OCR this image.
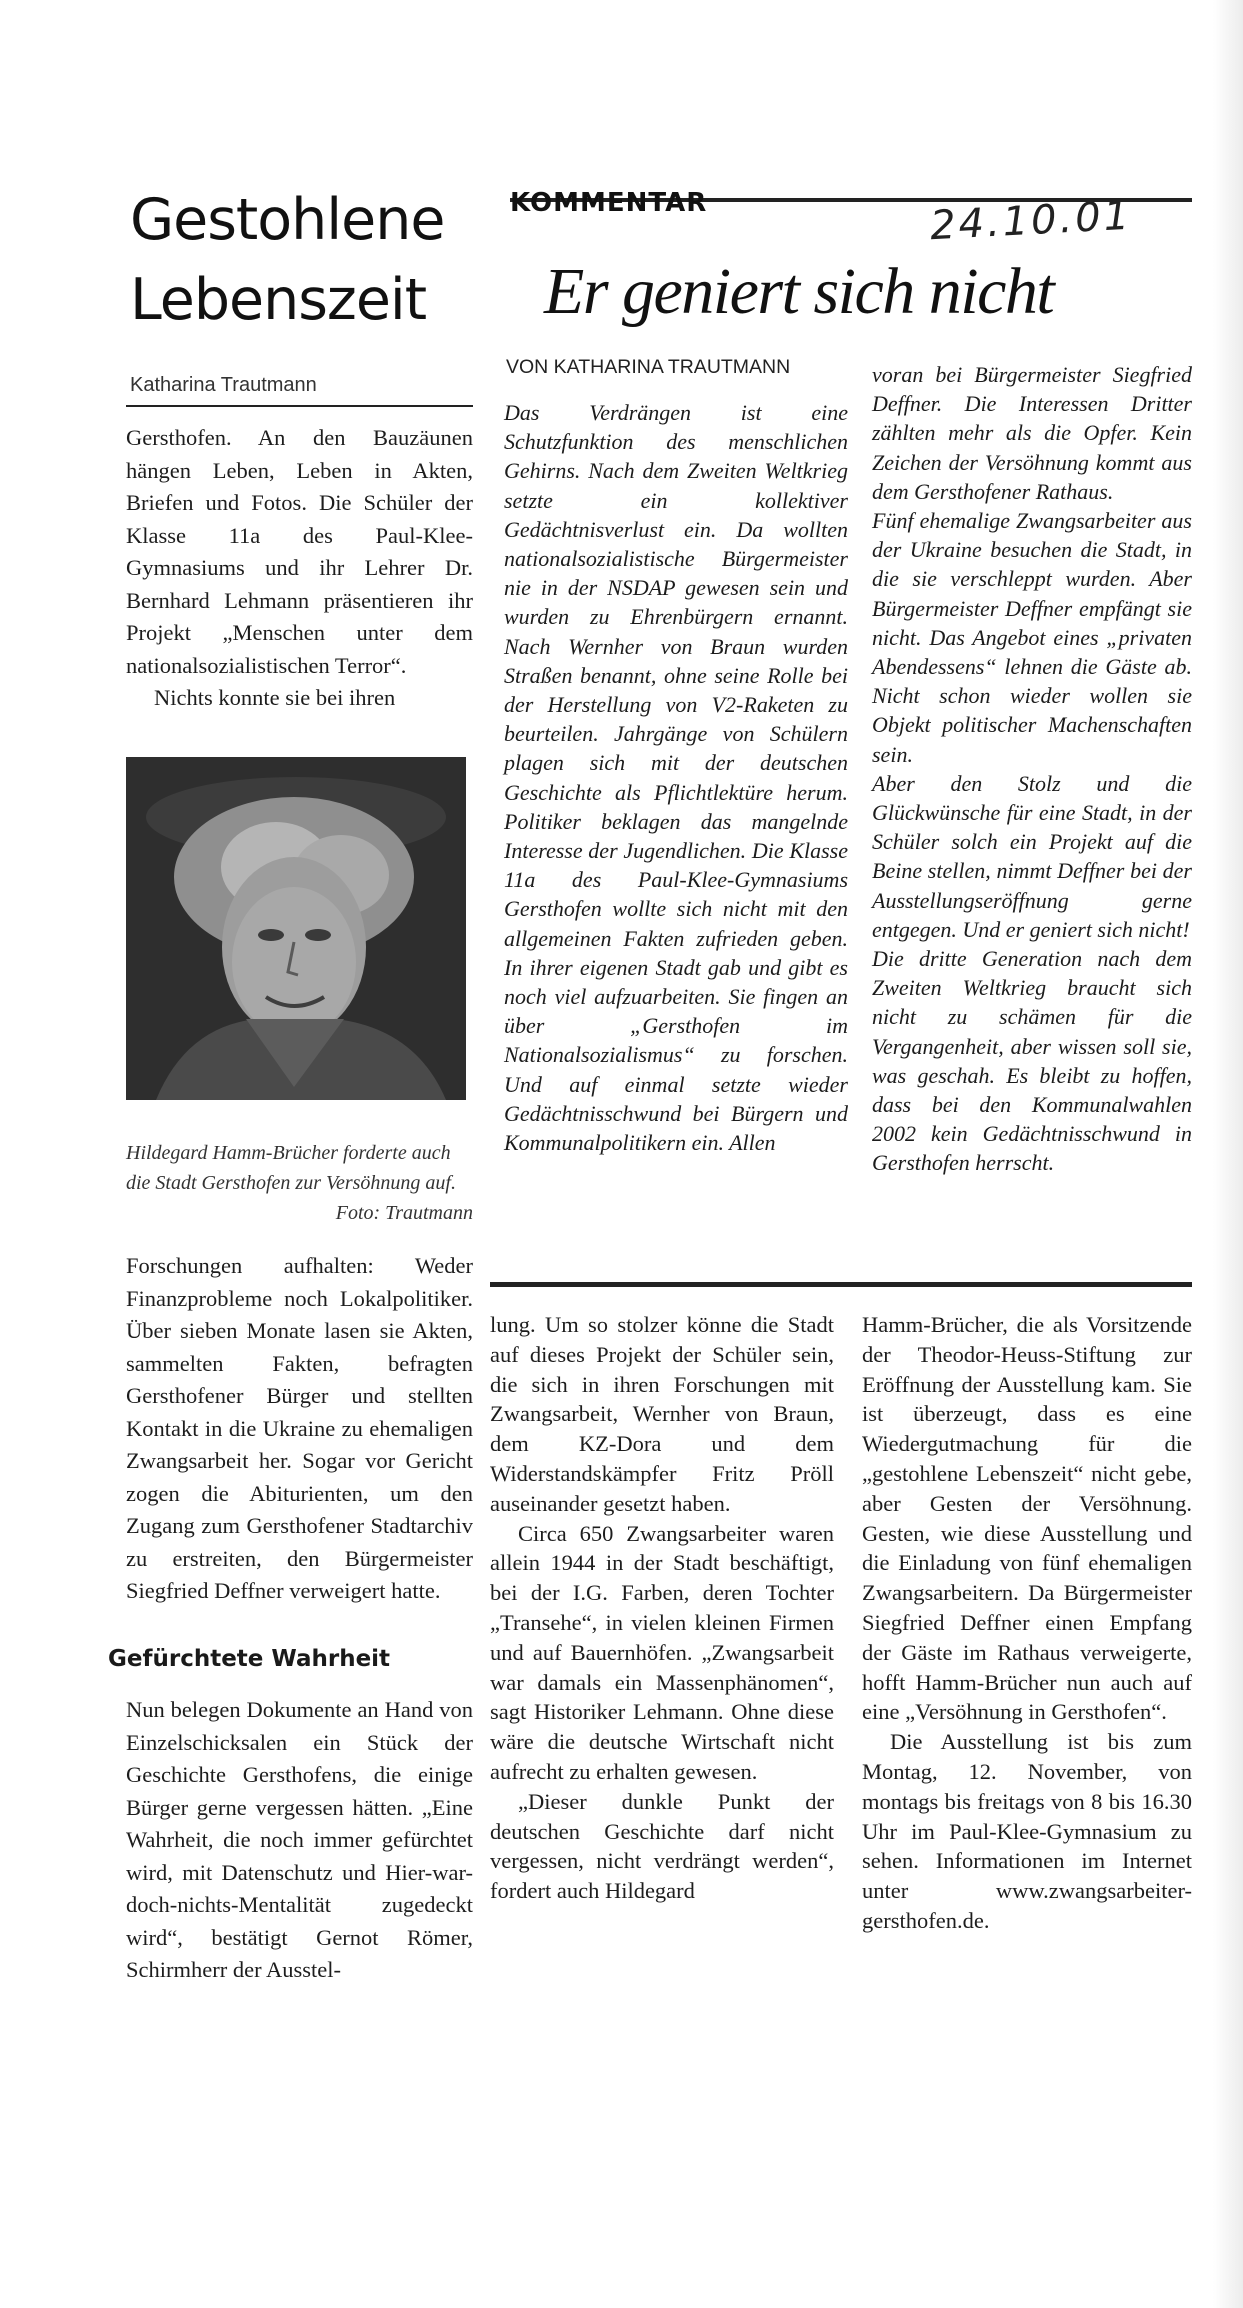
Gestohlene
Lebenszeit
Katharina Trautmann

Gersthofen. An den Bauzäunen hängen Leben, Leben in Akten, Briefen und Fotos. Die Schüler der Klasse 11a des Paul-Klee-Gymnasiums und ihr Lehrer Dr. Bernhard Lehmann präsentieren ihr Projekt „Menschen unter dem nationalsozialistischen Terror“.

Nichts konnte sie bei ihren

Hildegard Hamm-Brücher forderte auch die Stadt Gersthofen zur Versöhnung auf.
Foto: Trautmann
Forschungen aufhalten: Weder Finanzprobleme noch Lokalpolitiker. Über sieben Monate lasen sie Akten, sammelten Fakten, befragten Gersthofener Bürger und stellten Kontakt in die Ukraine zu ehemaligen Zwangsarbeit her. Sogar vor Gericht zogen die Abiturienten, um den Zugang zum Gersthofener Stadtarchiv zu erstreiten, den Bürgermeister Siegfried Deffner verweigert hatte.
Gefürchtete Wahrheit
Nun belegen Dokumente an Hand von Einzelschicksalen ein Stück der Geschichte Gersthofens, die einige Bürger gerne vergessen hätten. „Eine Wahrheit, die noch immer gefürchtet wird, mit Datenschutz und Hier-war-doch-nichts-Mentalität zugedeckt wird“, bestätigt Gernot Römer, Schirmherr der Ausstel-
KOMMENTAR	24.10.01
Er geniert sich nicht
VON KATHARINA TRAUTMANN
Das Verdrängen ist eine Schutzfunktion des menschlichen Gehirns. Nach dem Zweiten Weltkrieg setzte ein kollektiver Gedächtnisverlust ein. Da wollten nationalsozialistische Bürgermeister nie in der NSDAP gewesen sein und wurden zu Ehrenbürgern ernannt. Nach Wernher von Braun wurden Straßen benannt, ohne seine Rolle bei der Herstellung von V2-Raketen zu beurteilen. Jahrgänge von Schülern plagen sich mit der deutschen Geschichte als Pflichtlektüre herum. Politiker beklagen das mangelnde Interesse der Jugendlichen. Die Klasse 11a des Paul-Klee-Gymnasiums Gersthofen wollte sich nicht mit den allgemeinen Fakten zufrieden geben. In ihrer eigenen Stadt gab und gibt es noch viel aufzuarbeiten. Sie fingen an über „Gersthofen im Nationalsozialismus“ zu forschen. Und auf einmal setzte wieder Gedächtnisschwund bei Bürgern und Kommunalpolitikern ein. Allen

voran bei Bürgermeister Siegfried Deffner. Die Interessen Dritter zählten mehr als die Opfer. Kein Zeichen der Versöhnung kommt aus dem Gersthofener Rathaus.

Fünf ehemalige Zwangsarbeiter aus der Ukraine besuchen die Stadt, in die sie verschleppt wurden. Aber Bürgermeister Deffner empfängt sie nicht. Das Angebot eines „privaten Abendessens“ lehnen die Gäste ab. Nicht schon wieder wollen sie Objekt politischer Machenschaften sein.

Aber den Stolz und die Glückwünsche für eine Stadt, in der Schüler solch ein Projekt auf die Beine stellen, nimmt Deffner bei der Ausstellungseröffnung gerne entgegen. Und er geniert sich nicht!

Die dritte Generation nach dem Zweiten Weltkrieg braucht sich nicht zu schämen für die Vergangenheit, aber wissen soll sie, was geschah. Es bleibt zu hoffen, dass bei den Kommunalwahlen 2002 kein Gedächtnisschwund in Gersthofen herrscht.

lung. Um so stolzer könne die Stadt auf dieses Projekt der Schüler sein, die sich in ihren Forschungen mit Zwangsarbeit, Wernher von Braun, dem KZ-Dora und dem Widerstandskämpfer Fritz Pröll auseinander gesetzt haben.

Circa 650 Zwangsarbeiter waren allein 1944 in der Stadt beschäftigt, bei der I.G. Farben, deren Tochter „Transehe“, in vielen kleinen Firmen und auf Bauernhöfen. „Zwangsarbeit war damals ein Massenphänomen“, sagt Historiker Lehmann. Ohne diese wäre die deutsche Wirtschaft nicht aufrecht zu erhalten gewesen.

„Dieser dunkle Punkt der deutschen Geschichte darf nicht vergessen, nicht verdrängt werden“, fordert auch Hildegard

Hamm-Brücher, die als Vorsitzende der Theodor-Heuss-Stiftung zur Eröffnung der Ausstellung kam. Sie ist überzeugt, dass es eine Wiedergutmachung für die „gestohlene Lebenszeit“ nicht gebe, aber Gesten der Versöhnung. Gesten, wie diese Ausstellung und die Einladung von fünf ehemaligen Zwangsarbeitern. Da Bürgermeister Siegfried Deffner einen Empfang der Gäste im Rathaus verweigerte, hofft Hamm-Brücher nun auch auf eine „Versöhnung in Gersthofen“.

Die Ausstellung ist bis zum Montag, 12. November, von montags bis freitags von 8 bis 16.30 Uhr im Paul-Klee-Gymnasium zu sehen. Informationen im Internet unter www.zwangsarbeiter-gersthofen.de.
